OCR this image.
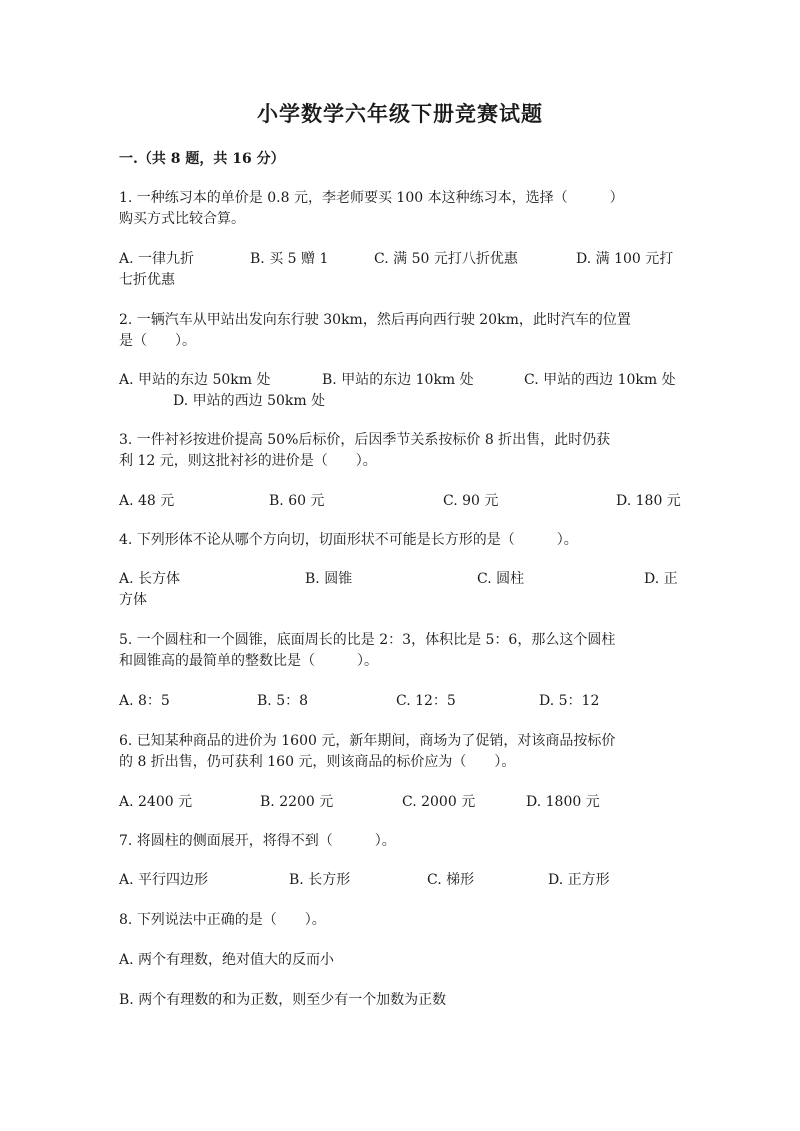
小学数学六年级下册竞赛试题
一.（共 8 题，共 16 分）
1. 一种练习本的单价是 0.8 元，李老师要买 100 本这种练习本，选择（　　　）
购买方式比较合算。
A. 一律九折	B. 买 5 赠 1	C. 满 50 元打八折优惠	D. 满 100 元打
七折优惠
2. 一辆汽车从甲站出发向东行驶 30km，然后再向西行驶 20km，此时汽车的位置
是（　　）。
A. 甲站的东边 50km 处	B. 甲站的东边 10km 处	C. 甲站的西边 10km 处
D. 甲站的西边 50km 处
3. 一件衬衫按进价提高 50%后标价，后因季节关系按标价 8 折出售，此时仍获
利 12 元，则这批衬衫的进价是（　　）。
A. 48 元	B. 60 元	C. 90 元	D. 180 元
4. 下列形体不论从哪个方向切，切面形状不可能是长方形的是（　　　）。
A. 长方体	B. 圆锥	C. 圆柱	D. 正
方体
5. 一个圆柱和一个圆锥，底面周长的比是 2：3，体积比是 5：6，那么这个圆柱
和圆锥高的最简单的整数比是（　　　）。
A. 8：5	B. 5：8	C. 12：5	D. 5：12
6. 已知某种商品的进价为 1600 元，新年期间，商场为了促销，对该商品按标价
的 8 折出售，仍可获利 160 元，则该商品的标价应为（　　）。
A. 2400 元	B. 2200 元	C. 2000 元	D. 1800 元
7. 将圆柱的侧面展开，将得不到（　　　）。
A. 平行四边形	B. 长方形	C. 梯形	D. 正方形
8. 下列说法中正确的是（　　）。
A. 两个有理数，绝对值大的反而小
B. 两个有理数的和为正数，则至少有一个加数为正数
